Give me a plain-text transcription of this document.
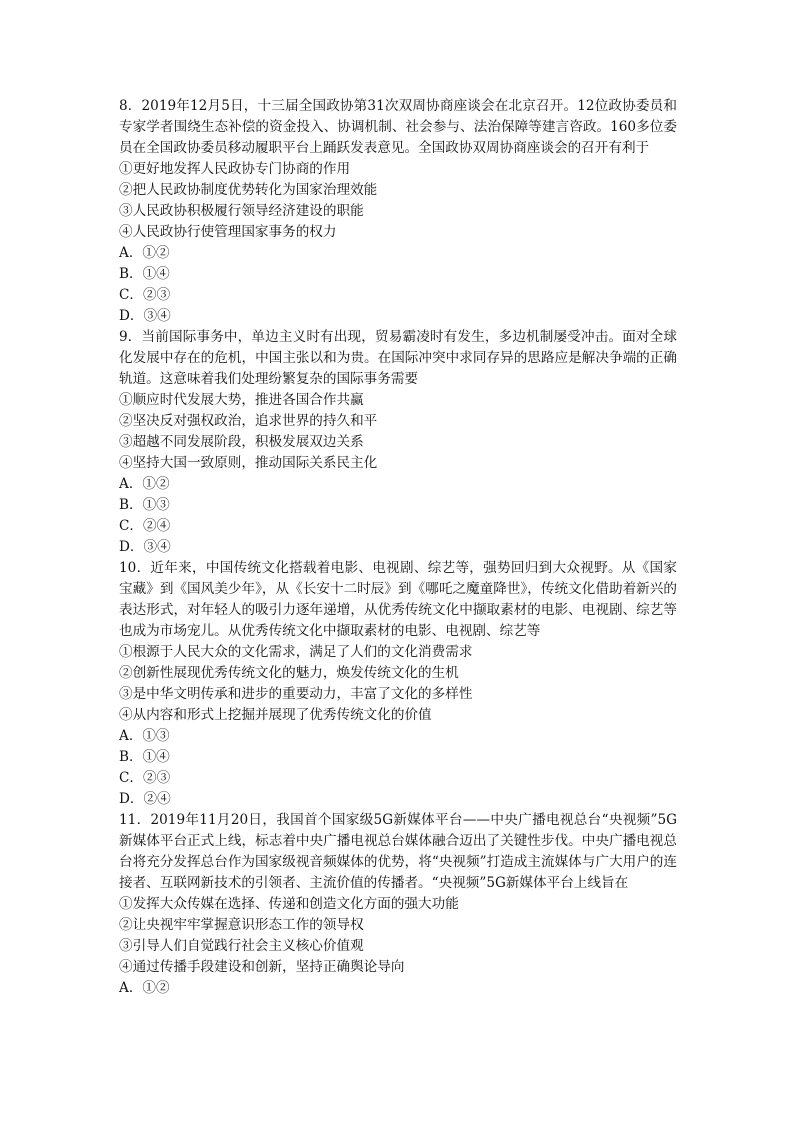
8．2019年12月5日，十三届全国政协第31次双周协商座谈会在北京召开。12位政协委员和专家学者围绕生态补偿的资金投入、协调机制、社会参与、法治保障等建言咨政。160多位委员在全国政协委员移动履职平台上踊跃发表意见。全国政协双周协商座谈会的召开有利于
①更好地发挥人民政协专门协商的作用
②把人民政协制度优势转化为国家治理效能
③人民政协积极履行领导经济建设的职能
④人民政协行使管理国家事务的权力
A．①②
B．①④
C．②③
D．③④
9．当前国际事务中，单边主义时有出现，贸易霸凌时有发生，多边机制屡受冲击。面对全球化发展中存在的危机，中国主张以和为贵。在国际冲突中求同存异的思路应是解决争端的正确轨道。这意味着我们处理纷繁复杂的国际事务需要
①顺应时代发展大势，推进各国合作共赢
②坚决反对强权政治，追求世界的持久和平
③超越不同发展阶段，积极发展双边关系
④坚持大国一致原则，推动国际关系民主化
A．①②
B．①③
C．②④
D．③④
10．近年来，中国传统文化搭载着电影、电视剧、综艺等，强势回归到大众视野。从《国家宝藏》到《国风美少年》，从《长安十二时辰》到《哪吒之魔童降世》，传统文化借助着新兴的表达形式，对年轻人的吸引力逐年递增，从优秀传统文化中撷取素材的电影、电视剧、综艺等也成为市场宠儿。从优秀传统文化中撷取素材的电影、电视剧、综艺等
①根源于人民大众的文化需求，满足了人们的文化消费需求
②创新性展现优秀传统文化的魅力，焕发传统文化的生机
③是中华文明传承和进步的重要动力，丰富了文化的多样性
④从内容和形式上挖掘并展现了优秀传统文化的价值
A．①③
B．①④
C．②③
D．②④
11．2019年11月20日，我国首个国家级5G新媒体平台——中央广播电视总台“央视频”5G新媒体平台正式上线，标志着中央广播电视总台媒体融合迈出了关键性步伐。中央广播电视总台将充分发挥总台作为国家级视音频媒体的优势，将“央视频”打造成主流媒体与广大用户的连接者、互联网新技术的引领者、主流价值的传播者。“央视频”5G新媒体平台上线旨在
①发挥大众传媒在选择、传递和创造文化方面的强大功能
②让央视牢牢掌握意识形态工作的领导权
③引导人们自觉践行社会主义核心价值观
④通过传播手段建设和创新，坚持正确舆论导向
A．①②
